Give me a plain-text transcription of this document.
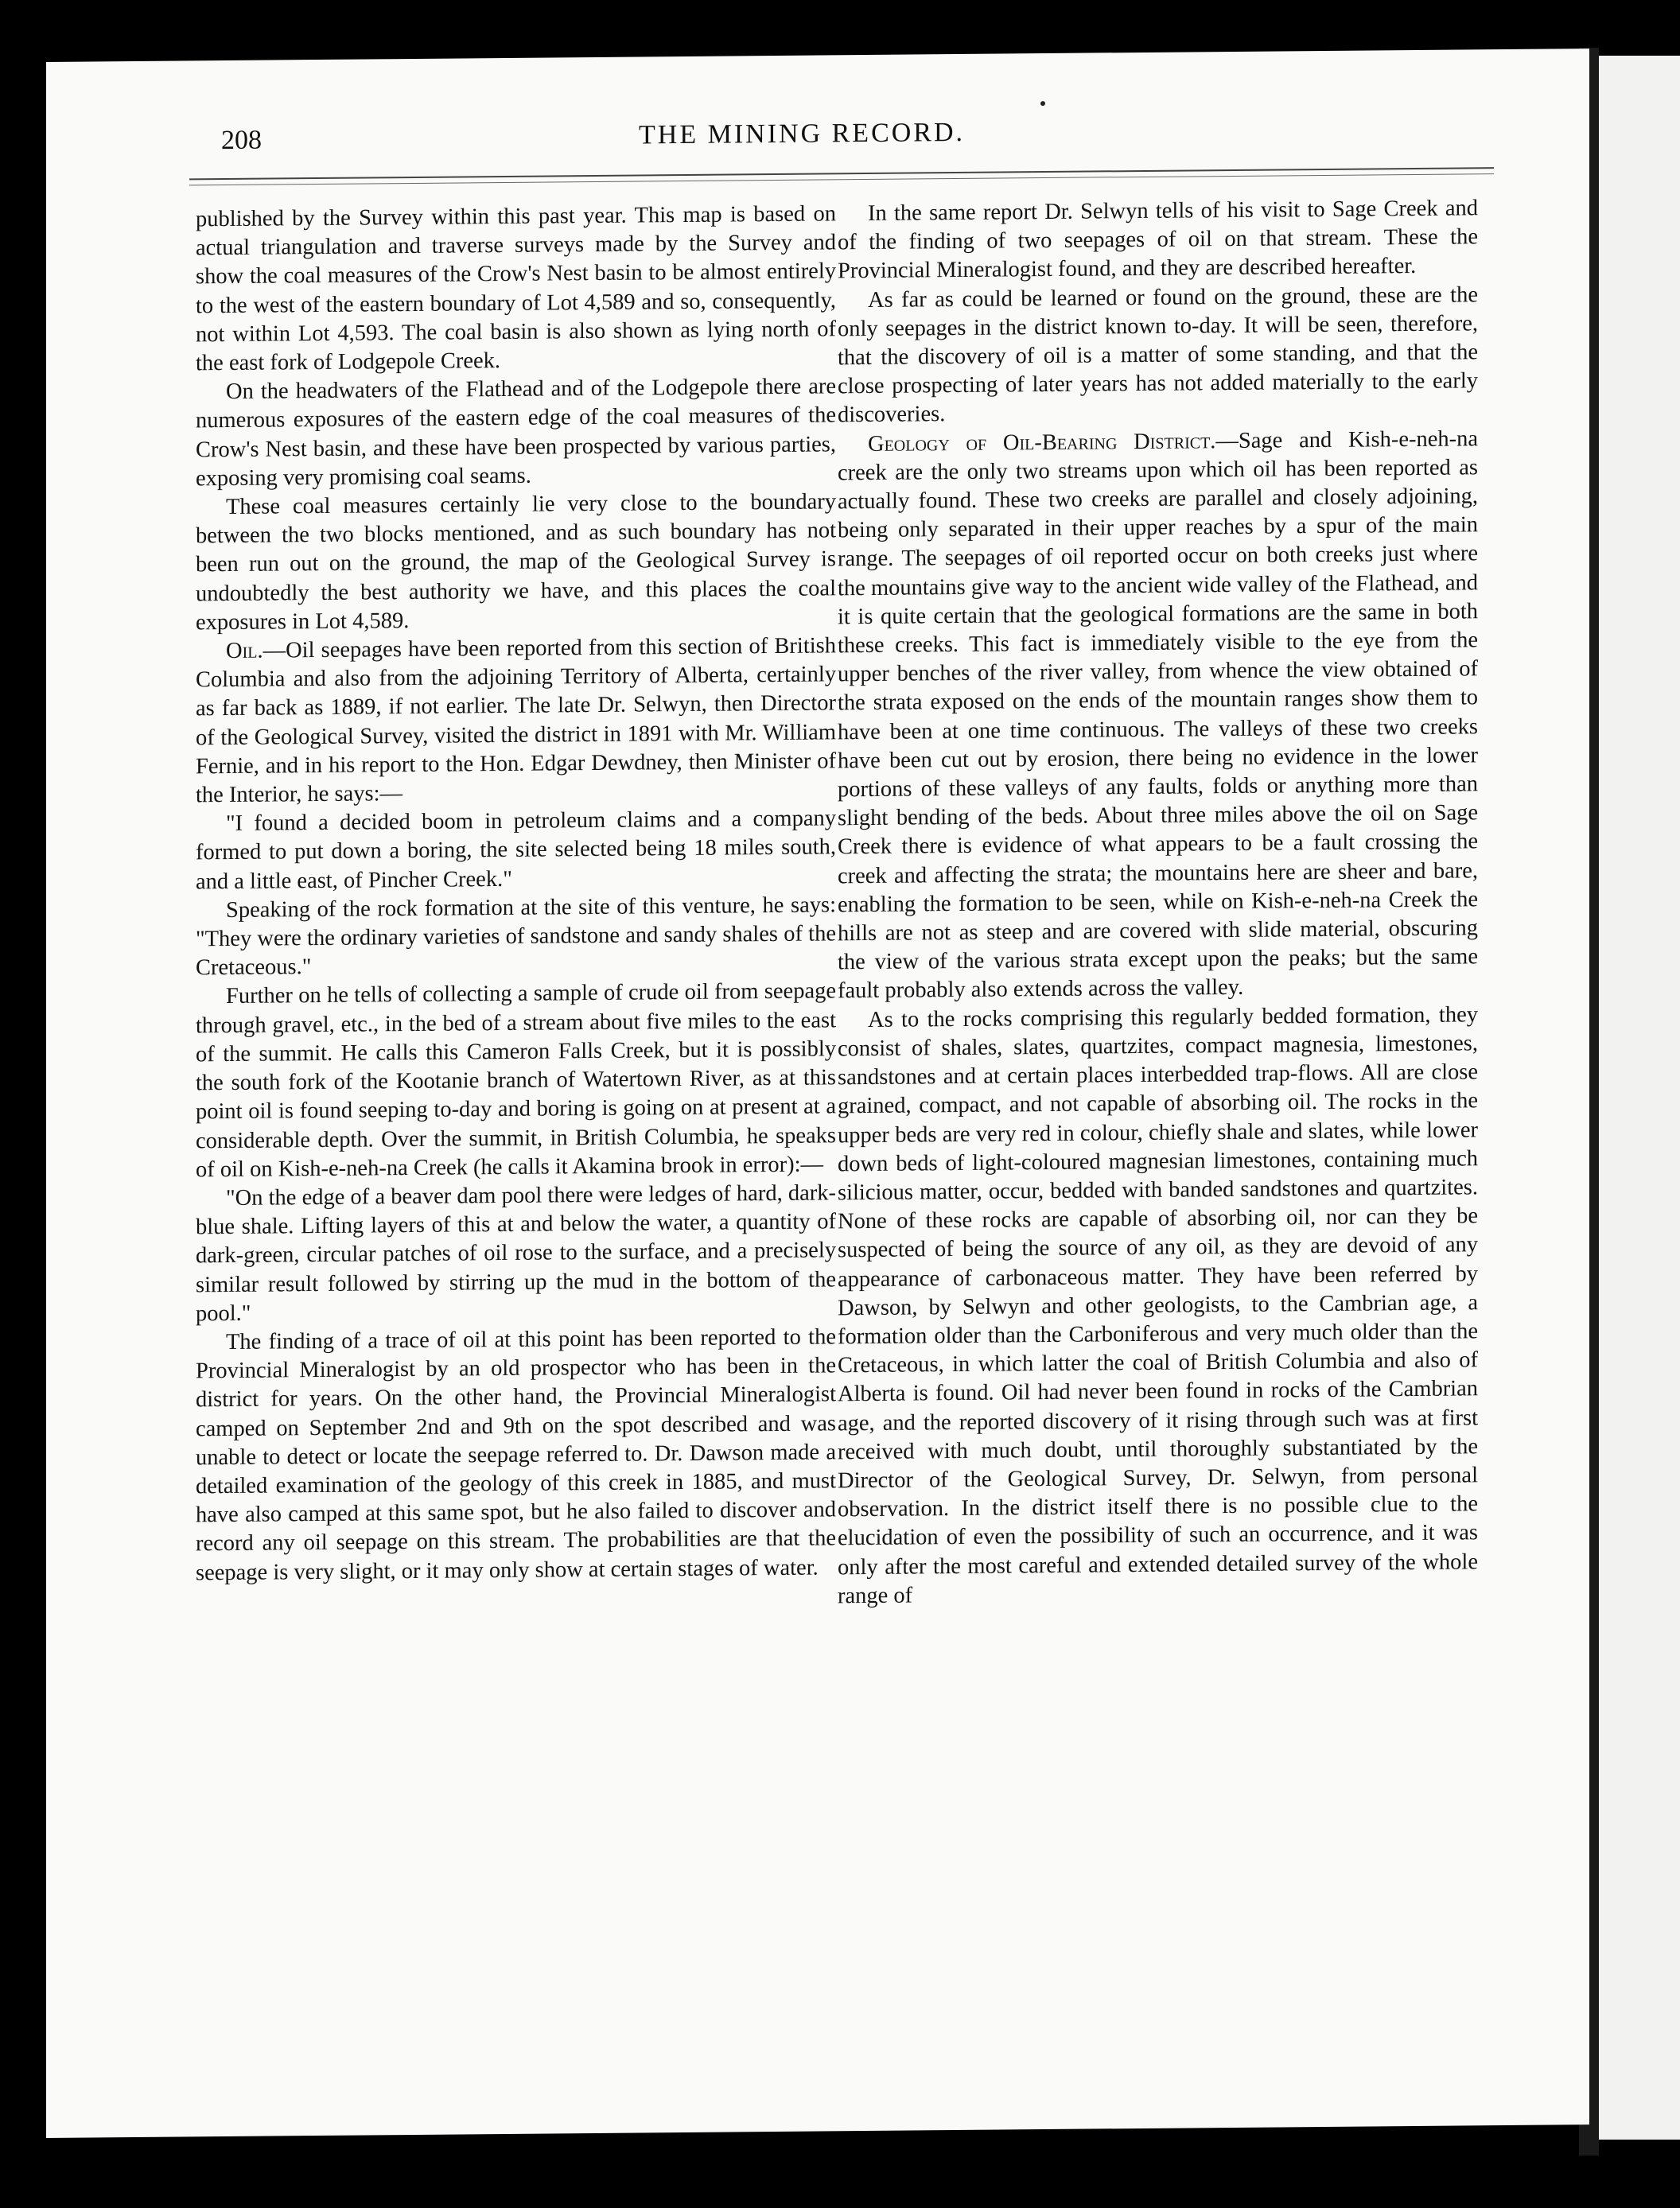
208	THE MINING RECORD.

published by the Survey within this past year. This map is based on actual triangulation and traverse surveys made by the Survey and show the coal measures of the Crow's Nest basin to be almost entirely to the west of the eastern boundary of Lot 4,589 and so, consequently, not within Lot 4,593. The coal basin is also shown as lying north of the east fork of Lodgepole Creek.

On the headwaters of the Flathead and of the Lodgepole there are numerous exposures of the eastern edge of the coal measures of the Crow's Nest basin, and these have been prospected by various parties, exposing very promising coal seams.

These coal measures certainly lie very close to the boundary between the two blocks mentioned, and as such boundary has not been run out on the ground, the map of the Geological Survey is undoubtedly the best authority we have, and this places the coal exposures in Lot 4,589.

Oil.—Oil seepages have been reported from this section of British Columbia and also from the adjoining Territory of Alberta, certainly as far back as 1889, if not earlier. The late Dr. Selwyn, then Director of the Geological Survey, visited the district in 1891 with Mr. William Fernie, and in his report to the Hon. Edgar Dewdney, then Minister of the Interior, he says:—

"I found a decided boom in petroleum claims and a company formed to put down a boring, the site selected being 18 miles south, and a little east, of Pincher Creek."

Speaking of the rock formation at the site of this venture, he says: "They were the ordinary varieties of sandstone and sandy shales of the Cretaceous."

Further on he tells of collecting a sample of crude oil from seepage through gravel, etc., in the bed of a stream about five miles to the east of the summit. He calls this Cameron Falls Creek, but it is possibly the south fork of the Kootanie branch of Watertown River, as at this point oil is found seeping to-day and boring is going on at present at a considerable depth. Over the summit, in British Columbia, he speaks of oil on Kish-e-neh-na Creek (he calls it Akamina brook in error):—

"On the edge of a beaver dam pool there were ledges of hard, dark-blue shale. Lifting layers of this at and below the water, a quantity of dark-green, circular patches of oil rose to the surface, and a precisely similar result followed by stirring up the mud in the bottom of the pool."

The finding of a trace of oil at this point has been reported to the Provincial Mineralogist by an old prospector who has been in the district for years. On the other hand, the Provincial Mineralogist camped on September 2nd and 9th on the spot described and was unable to detect or locate the seepage referred to. Dr. Dawson made a detailed examination of the geology of this creek in 1885, and must have also camped at this same spot, but he also failed to discover and record any oil seepage on this stream. The probabilities are that the seepage is very slight, or it may only show at certain stages of water.

In the same report Dr. Selwyn tells of his visit to Sage Creek and of the finding of two seepages of oil on that stream. These the Provincial Mineralogist found, and they are described hereafter.

As far as could be learned or found on the ground, these are the only seepages in the district known to-day. It will be seen, therefore, that the discovery of oil is a matter of some standing, and that the close prospecting of later years has not added materially to the early discoveries.

Geology of Oil-Bearing District.—Sage and Kish-e-neh-na creek are the only two streams upon which oil has been reported as actually found. These two creeks are parallel and closely adjoining, being only separated in their upper reaches by a spur of the main range. The seepages of oil reported occur on both creeks just where the mountains give way to the ancient wide valley of the Flathead, and it is quite certain that the geological formations are the same in both these creeks. This fact is immediately visible to the eye from the upper benches of the river valley, from whence the view obtained of the strata exposed on the ends of the mountain ranges show them to have been at one time continuous. The valleys of these two creeks have been cut out by erosion, there being no evidence in the lower portions of these valleys of any faults, folds or anything more than slight bending of the beds. About three miles above the oil on Sage Creek there is evidence of what appears to be a fault crossing the creek and affecting the strata; the mountains here are sheer and bare, enabling the formation to be seen, while on Kish-e-neh-na Creek the hills are not as steep and are covered with slide material, obscuring the view of the various strata except upon the peaks; but the same fault probably also extends across the valley.

As to the rocks comprising this regularly bedded formation, they consist of shales, slates, quartzites, compact magnesia, limestones, sandstones and at certain places interbedded trap-flows. All are close grained, compact, and not capable of absorbing oil. The rocks in the upper beds are very red in colour, chiefly shale and slates, while lower down beds of light-coloured magnesian limestones, containing much silicious matter, occur, bedded with banded sandstones and quartzites. None of these rocks are capable of absorbing oil, nor can they be suspected of being the source of any oil, as they are devoid of any appearance of carbonaceous matter. They have been referred by Dawson, by Selwyn and other geologists, to the Cambrian age, a formation older than the Carboniferous and very much older than the Cretaceous, in which latter the coal of British Columbia and also of Alberta is found. Oil had never been found in rocks of the Cambrian age, and the reported discovery of it rising through such was at first received with much doubt, until thoroughly substantiated by the Director of the Geological Survey, Dr. Selwyn, from personal observation. In the district itself there is no possible clue to the elucidation of even the possibility of such an occurrence, and it was only after the most careful and extended detailed survey of the whole range of
